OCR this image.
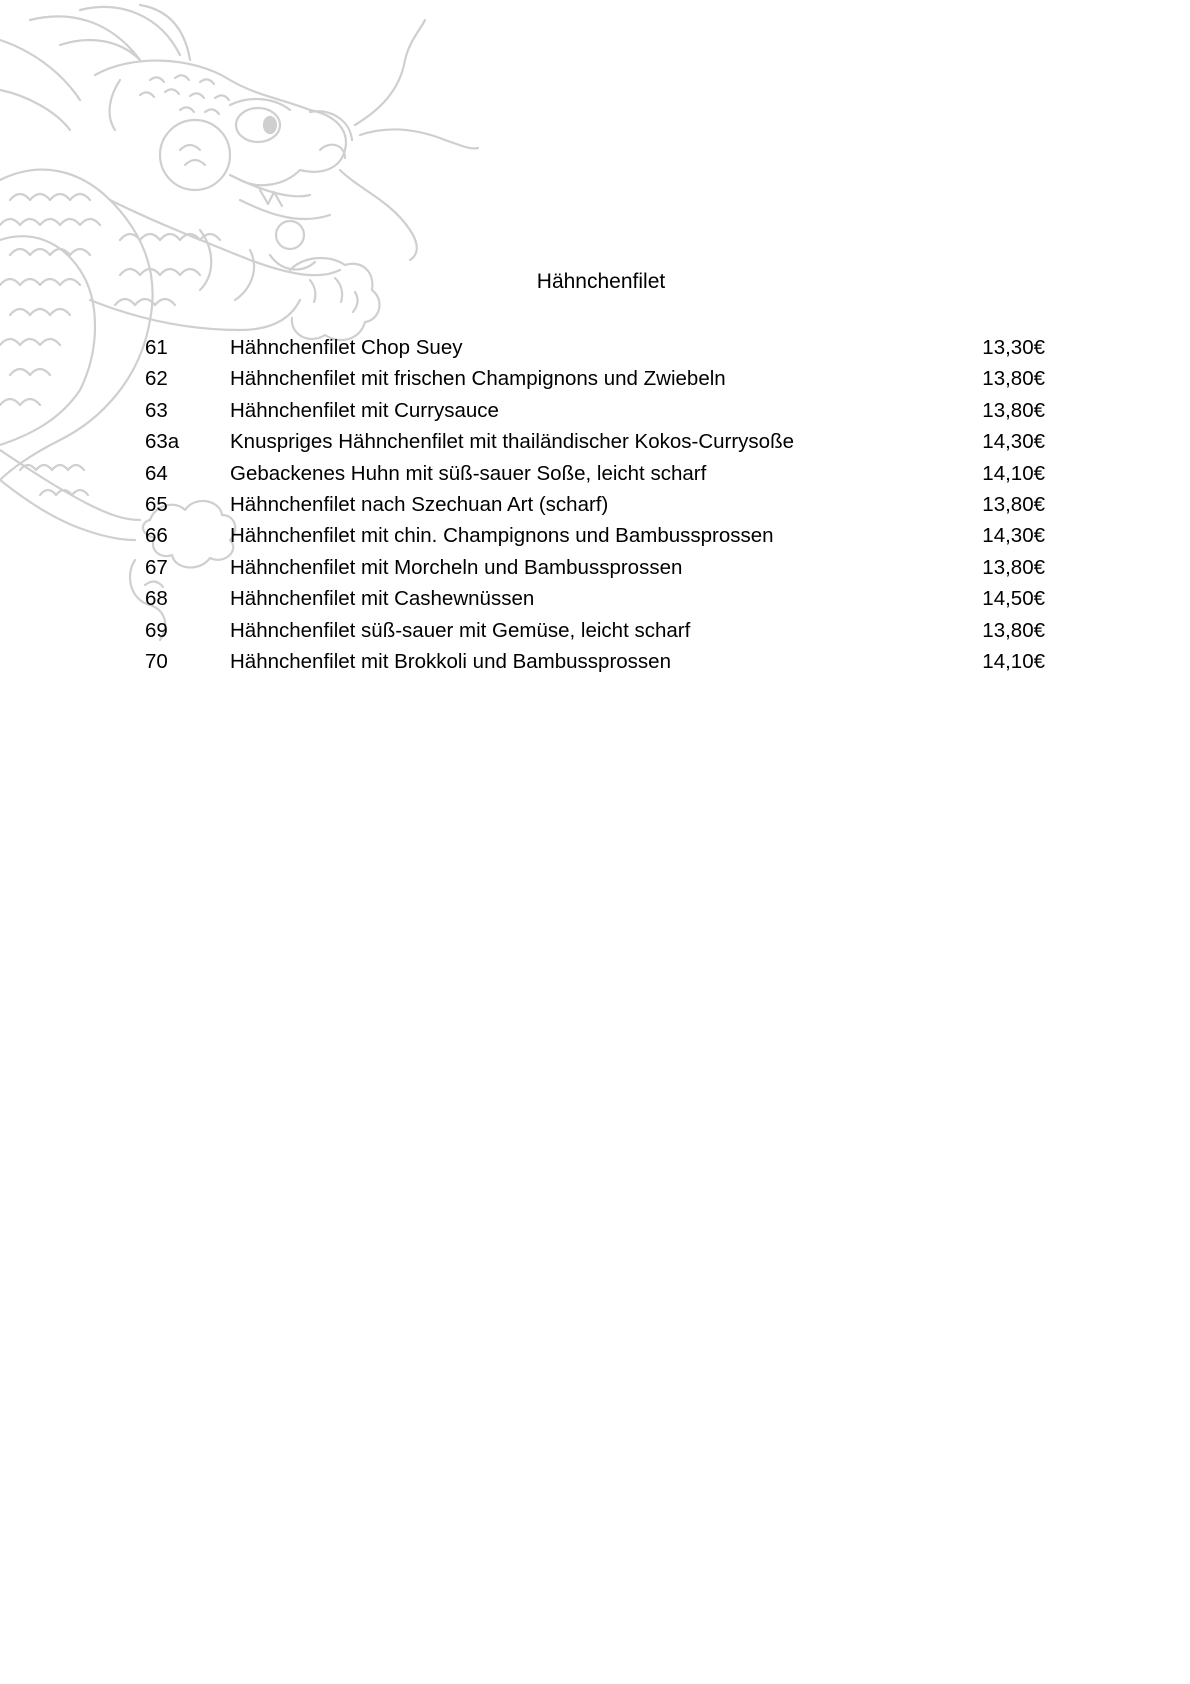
Hähnchenfilet
61	Hähnchenfilet Chop Suey	13,30€
62	Hähnchenfilet mit frischen Champignons und Zwiebeln	13,80€
63	Hähnchenfilet mit Currysauce	13,80€
63a Knuspriges Hähnchenfilet mit thailändischer Kokos-Currysoße	14,30€
64	Gebackenes Huhn mit süß-sauer Soße, leicht scharf	14,10€
65	Hähnchenfilet nach Szechuan Art (scharf)	13,80€
66	Hähnchenfilet mit chin. Champignons und Bambussprossen	14,30€
67	Hähnchenfilet mit Morcheln und Bambussprossen	13,80€
68	Hähnchenfilet mit Cashewnüssen	14,50€
69	Hähnchenfilet süß-sauer mit Gemüse, leicht scharf	13,80€
70	Hähnchenfilet mit Brokkoli und Bambussprossen	14,10€
